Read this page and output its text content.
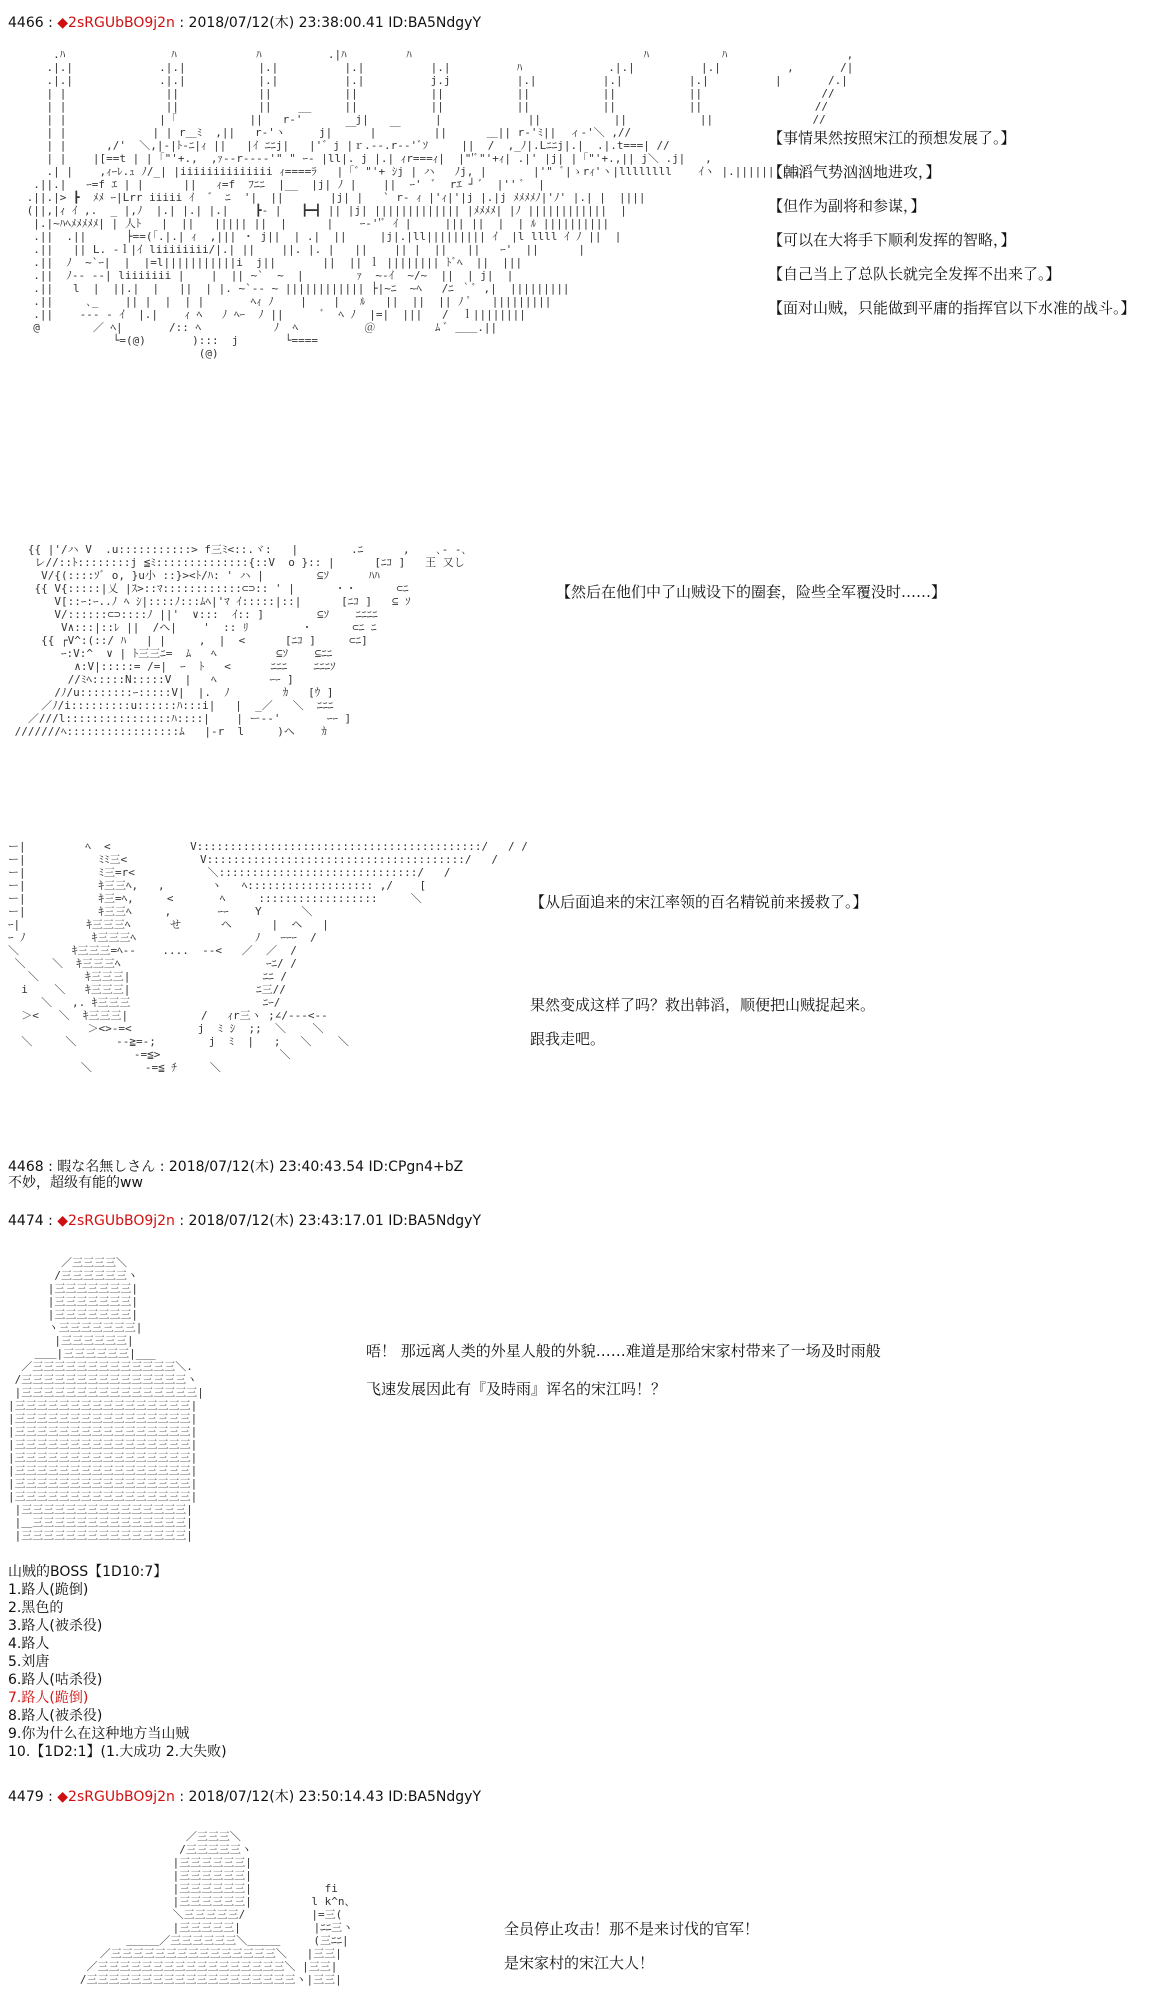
4466 : ◆2sRGUbBO9j2n : 2018/07/12(木) 23:38:00.41 ID:BA5NdgyY
.ﾊ                ﾊ            ﾊ          .|ﾊ         ﾊ                                   ﾊ           ﾊ                  ,
.|.|             .|.|           |.|          |.|          |.|          ﾊ             .|.|          |.|          ,       /|
.|.|             .|.|           |.|          |.|          j.j          |.|          |.|          |.|          |       /.|
| |               ||            ||           ||           ||           ||           ||           ||                  //
| |               ||            ||    __     ||           ||           ||           ||           ||                 //
| |              |「           ||   r‐'        j|          |             ||           ||           ||               //
| |             | | r＿ﾐ  ,||   r‐'ヽ     j|  ￣  |  ￣     ||      ＿|| r‐'ﾐ||  ィ‐'＼ ,//
| |      ,/'  ＼,|-|ﾄ‐ﾆ|ｨ ||   |ｲ ﾆﾆj|   |'゛j |ｒ.‐‐.r-‐'ﾞｿ     ||  /  ,_ﾉ|.Lﾆﾆj|.|  .|.t===| //
| |    |[==t | | ｢"'+.,  ,ｧ-‐r‐‐‐‐'" " ｰ‐ |ll|. j |.| ｨr===ｨ|  |"'ﾞ"'+ｨ| .|' |j| |「"'+.,|| j＼ .j|   ,
.| |    ,ｨｰﾚ.ｭ ﾉ/_| |iiiiiiiiiiiiii ｨ====ﾗ   |「゛"'+ ｼj | ハ   ﾉj, |       |'" ﾞ|ゝrｨ'ヽ|llllllll    ｲヽ |.|||||||||||
.||.|   ｰ=f ｴ | |      ||   ｨ=f  ﾌﾆﾆ  |__  |j| ﾉ |    ||  ｰ'  ﾞ  rｴ ┘ ﾞ  |'' ﾞ  |
.||.|> ┣  ﾒﾒ ｰ|Lrr iiiii ｲ  ゛ ﾆ  '|  ||       |j| |   ` r‐ ｨ |'ｨ|'|j |.|j ﾒﾒﾒﾒﾉ|'ﾉ' |.| |  ||||
(||,|ｨ ｲ ,.  _ |,ﾉ  |.| |.| |.|    ┣‐ |   ┣━┫ || |j| ||||||||||||| |ﾒﾒﾒﾒ| |ﾉ ||||||||||||  |
|.|~ﾊﾍﾒﾒﾒﾒﾒ| | 人ﾄ   |  ||   ||||| ||  |      |    ｰ‐''ﾞ ｲ |     ||| ||  |  | ﾙ ||||||||||
.||  .||      ├==(「.|.| ｨ  ,||| ・ j||  | .|  ||     |j|.|ll||||||||| ｲ  |l llll ｲ ﾉ ||  |
.||   || L. ‐ｌ|ｲ liiiiiiii/|.| ||    ||. |. |   ||    || |  ||   ||   ｰ'  ||      |
.||  ﾉ  ~`ｰ|  |  |=l|||||||||||i  j||       ||  || ｌ |||||||| ﾄﾞﾍ  ||  |||
.||  ﾉ‐‐ ‐‐| liiiiiii |    |  || ~`  ~  |        ｧ  ~‐ｲ  ~/~  ||  | j|  |
.||   l  |  ||.|  |   ||  | |. ~`‐‐ ~ |||||||||||| ├|~ﾆ  ~ﾍ   /ﾆ ｀ﾞ ,|  |||||||||
.||     ､_    || |  |  | |       ﾍｨ ﾉ    |    |   ﾙ   ||  ||  || ﾉ ﾟ   |||||||||
.||    ‐‐‐ ‐ ｲ  |.|    ｨ ﾍ   ﾉ ﾍｰ  ﾉ ||      ﾞ  ﾍ ﾉ  |=|  |||   /  ｌ||||||||
@        ／ ﾍ|       /:: ﾍ           ﾉ  ﾍ          ＠         ﾑ ﾞ ＿＿.||
└=(@)       ):::  j       └====
(@)

【事情果然按照宋江的预想发展了。】
【韩滔气势汹汹地进攻，】
【但作为副将和参谋，】
【可以在大将手下顺利发挥的智略，】
【自己当上了总队长就完全发挥不出来了。】
【面对山贼，只能做到平庸的指挥官以下水准的战斗。】
{{ |'/ハ V  .u:::::::::::> f三ﾐ<::.ヾ:   |        .ﾆ      ,    ､‐ ‐､
レ//::ﾄ::::::::j ≦ﾐ::::::::::::::{::V  o }:: |      [ﾆｺ ]   王 又し
V/{(::::ｿﾞ o, }u小 ::}><ﾄ/ﾊ: ' ハ |        ⊆ｿ      ﾊﾊ
{{ V{:::::|乂 |ｽ>::ﾏ::::::::::::⊂⊃:: ' |      ・・      ⊂ﾆ
V[::ｰ:ｰ..ﾉ ﾍ ｼ|::::ﾉ:::ﾑﾍ|'ﾏ ｲ:::::|::|      [ﾆｺ ]   ⊆ ｿ
V/::::::⊂⊃::::ﾉ ||'  ∨:::  ｲ:: ]        ⊆ｿ    ﾆﾆﾆﾆ
V∧:::|::ﾚ ||  /ヘ|    '  :: ﾘ        ・      ⊂ﾆ ﾆ
{{ ┌V^:(::/ ﾊ   | |     ,  |  <      [ﾆｺ ]     ⊂ﾆ]
ｰ:V:^  ∨ | ﾄ三三ﾆ=  ﾑ   ﾍ         ⊆ｿ    ⊆ﾆﾆ
∧:V|:::::= /=|  ｰ  ﾄ   <      ﾆﾆﾆ    ﾆﾆﾆｿ
//ﾐﾍ:::::N:::::V  |   ﾍ        ｰｰ ]
/ﾉ/u::::::::ｰ:::::V|  |.  ﾉ        ｶ   [ｳ ]
／ﾉ/i:::::::::u::::::ﾊ:::i|   |  _／   ＼  ﾆﾆﾆ
／///l::::::::::::::::ﾊ::::|    | ー‐‐'       ｰｰ ]
///////ﾍ:::::::::::::::::ﾑ   |-r  l     )ヘ    ｶ

【然后在他们中了山贼设下的圈套，险些全军覆没时……】
ー|         ﾍ  <            V:::::::::::::::::::::::::::::::::::::::::::/   / /
ー|           ﾐﾐ三<           V:::::::::::::::::::::::::::::::::::::::/   /
ー|           ﾐ三=r<           ＼::::::::::::::::::::::::::::::/   /
ー|           ｷ三三ﾍ,   ,       ヽ   ﾍ::::::::::::::::::: ,/    [
ー|           ｷ三=ﾍ,     <       ﾍ     ::::::::::::::::::     ＼
ー|           ｷ三三ﾍ     ,       ｰｰ    Y      ＼
ｰ|          ｷ三三三ﾍ      せ      ヘ      |  ヘ   |
ｰ ﾉ          ｷ三三三ﾍ                  ﾉ   ｰｰｰ  /
＼        ｷ三三三=ﾍ‐‐    ....  ‐‐<   ／  ／  /
＼    ＼  ｷ三三三ﾍ                      ｰﾆ/ /
＼       ｷ三三三|                    ﾆﾆ /
i    ＼   ｷ三三三|                   ﾆ三//
＼   ,. ｷ三三三                    ﾆｰ/
＞<   ＼  ｷ三三三|           /   ｨr三ヽ ;∠/‐‐‐<‐‐
＞<>‐=<          j  ﾐ ｼ  ;;  ＼    ＼
＼     ＼      ‐‐≧=‐;        j  ﾐ  |   ;   ＼    ＼
‐=≦>                  ＼
＼        ‐=≦ ﾁ     ＼

【从后面追来的宋江率领的百名精锐前来援救了。】
果然变成这样了吗？救出韩滔，顺便把山贼捉起来。
跟我走吧。
4468 : 暇な名無しさん : 2018/07/12(木) 23:40:43.54 ID:CPgn4+bZ
不妙，超级有能的ww
4474 : ◆2sRGUbBO9j2n : 2018/07/12(木) 23:43:17.01 ID:BA5NdgyY
／三三三三＼
/三三三三三三ヽ
|三三三三三三三|
|三三三三三三三|
|三三三三三三三|
ヽ三三三三三三三|
|三三三三三三|
＿＿|三三三三三三|___
／三三三三三三三三三三三三三＼.
/三三三三三三三三三三三三三三三ヽ
|三三三三三三三三三三三三三三三三|
|三三三三三三三三三三三三三三三三|
|三三三三三三三三三三三三三三三三|
|三三三三三三三三三三三三三三三三|
|三三三三三三三三三三三三三三三三|
|三三三三三三三三三三三三三三三三|
|三三三三三三三三三三三三三三三三|
|三三三三三三三三三三三三三三三三|
|三三三三三三三三三三三三三三三三|
|三三三三三三三三三三三三三三三|
|＿三三三三三三三三三三三三三三|
|三三三三三三三三三三三三三三三|

唔！ 那远离人类的外星人般的外貌……难道是那给宋家村带来了一场及时雨般
飞速发展因此有『及時雨』诨名的宋江吗！？
山贼的BOSS【1D10:7】
1.路人(跪倒)
2.黑色的
3.路人(被杀役)
4.路人
5.刘唐
6.路人(咕杀役)
7.路人(跪倒)
8.路人(被杀役)
9.你为什么在这种地方当山贼
10.【1D2:1】(1.大成功 2.大失败)
4479 : ◆2sRGUbBO9j2n : 2018/07/12(木) 23:50:14.43 ID:BA5NdgyY
／三三三＼
/三三三三三ヽ
|三三三三三三|
|三三三三三三|
|三三三三三三|           fi
|三三三三三三|         l k^n、
＼三三三三三/          |=三(
|三三三三三|           |ﾆﾆ三ヽ
＿＿＿／三三三三三三＼＿＿＿     (三ﾆﾆ|
／三三三三三三三三三三三三三三三＼   |三三|
／三三三三三三三三三三三三三三三三三＼ |三三|
/三三三三三三三三三三三三三三三三三三三ヽ|三三|

全员停止攻击！那不是来讨伐的官军！
是宋家村的宋江大人！
